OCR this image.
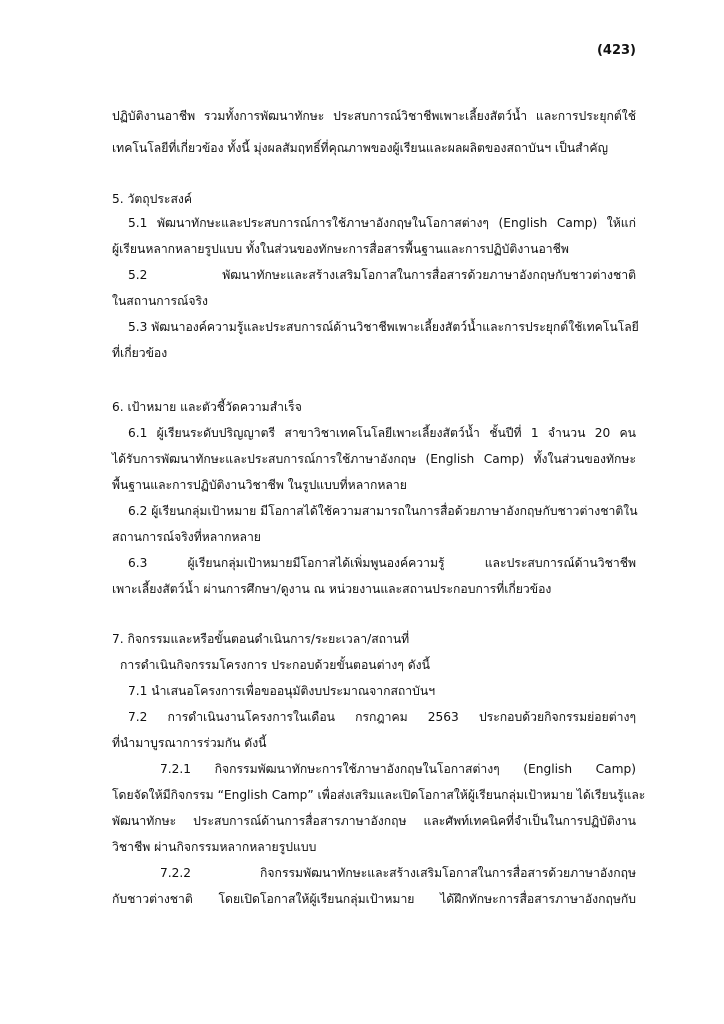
(423)
ปฏิบัติงานอาชีพ รวมทั้งการพัฒนาทักษะ ประสบการณ์วิชาชีพเพาะเลี้ยงสัตว์น้ำ และการประยุกต์ใช้
เทคโนโลยีที่เกี่ยวข้อง ทั้งนี้ มุ่งผลสัมฤทธิ์ที่คุณภาพของผู้เรียนและผลผลิตของสถาบันฯ เป็นสำคัญ
5. วัตถุประสงค์
5.1 พัฒนาทักษะและประสบการณ์การใช้ภาษาอังกฤษในโอกาสต่างๆ (English Camp) ให้แก่
ผู้เรียนหลากหลายรูปแบบ ทั้งในส่วนของทักษะการสื่อสารพื้นฐานและการปฏิบัติงานอาชีพ
5.2 พัฒนาทักษะและสร้างเสริมโอกาสในการสื่อสารด้วยภาษาอังกฤษกับชาวต่างชาติ
ในสถานการณ์จริง
5.3 พัฒนาองค์ความรู้และประสบการณ์ด้านวิชาชีพเพาะเลี้ยงสัตว์น้ำและการประยุกต์ใช้เทคโนโลยี
ที่เกี่ยวข้อง
6. เป้าหมาย และตัวชี้วัดความสำเร็จ
6.1 ผู้เรียนระดับปริญญาตรี สาขาวิชาเทคโนโลยีเพาะเลี้ยงสัตว์น้ำ ชั้นปีที่ 1 จำนวน 20 คน
ได้รับการพัฒนาทักษะและประสบการณ์การใช้ภาษาอังกฤษ (English Camp) ทั้งในส่วนของทักษะ
พื้นฐานและการปฏิบัติงานวิชาชีพ ในรูปแบบที่หลากหลาย
6.2 ผู้เรียนกลุ่มเป้าหมาย มีโอกาสได้ใช้ความสามารถในการสื่อด้วยภาษาอังกฤษกับชาวต่างชาติใน
สถานการณ์จริงที่หลากหลาย
6.3 ผู้เรียนกลุ่มเป้าหมายมีโอกาสได้เพิ่มพูนองค์ความรู้ และประสบการณ์ด้านวิชาชีพ
เพาะเลี้ยงสัตว์น้ำ ผ่านการศึกษา/ดูงาน ณ หน่วยงานและสถานประกอบการที่เกี่ยวข้อง
7. กิจกรรมและหรือขั้นตอนดำเนินการ/ระยะเวลา/สถานที่
การดำเนินกิจกรรมโครงการ ประกอบด้วยขั้นตอนต่างๆ ดังนี้
7.1 นำเสนอโครงการเพื่อขออนุมัติงบประมาณจากสถาบันฯ
7.2 การดำเนินงานโครงการในเดือน กรกฎาคม 2563 ประกอบด้วยกิจกรรมย่อยต่างๆ
ที่นำมาบูรณาการร่วมกัน ดังนี้
7.2.1 กิจกรรมพัฒนาทักษะการใช้ภาษาอังกฤษในโอกาสต่างๆ (English Camp)
โดยจัดให้มีกิจกรรม “English Camp” เพื่อส่งเสริมและเปิดโอกาสให้ผู้เรียนกลุ่มเป้าหมาย ได้เรียนรู้และ
พัฒนาทักษะ ประสบการณ์ด้านการสื่อสารภาษาอังกฤษ และศัพท์เทคนิคที่จำเป็นในการปฏิบัติงาน
วิชาชีพ ผ่านกิจกรรมหลากหลายรูปแบบ
7.2.2 กิจกรรมพัฒนาทักษะและสร้างเสริมโอกาสในการสื่อสารด้วยภาษาอังกฤษ
กับชาวต่างชาติ โดยเปิดโอกาสให้ผู้เรียนกลุ่มเป้าหมาย ได้ฝึกทักษะการสื่อสารภาษาอังกฤษกับ
